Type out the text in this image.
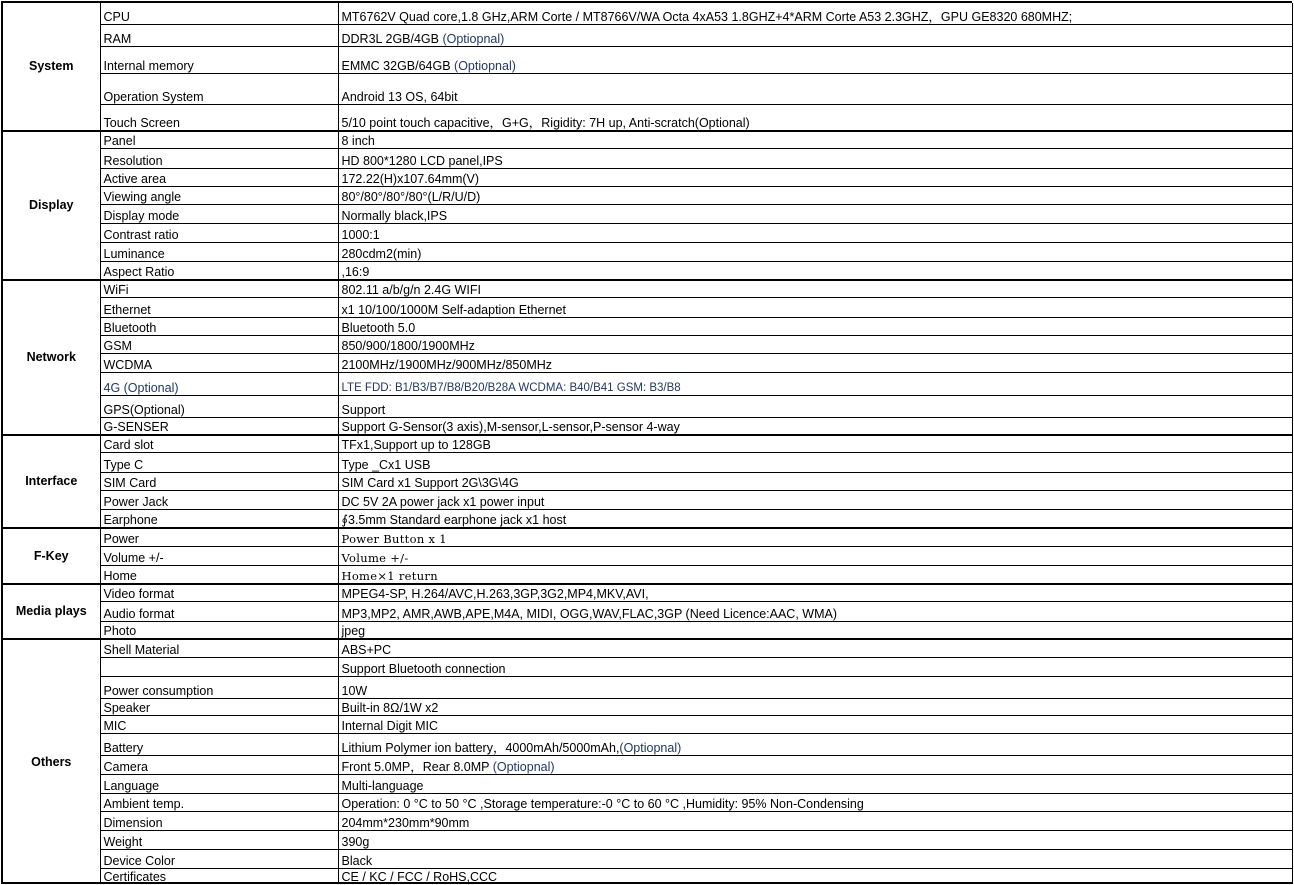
System	CPU	MT6762V Quad core,1.8 GHz,ARM Corte / MT8766V/WA Octa 4xA53 1.8GHZ+4*ARM Corte A53 2.3GHZ，GPU GE8320 680MHZ;
	RAM	DDR3L 2GB/4GB (Optiopnal)
	Internal memory	EMMC 32GB/64GB (Optiopnal)
	Operation System	Android 13 OS, 64bit
	Touch Screen	5/10 point touch capacitive，G+G，Rigidity: 7H up, Anti-scratch(Optional)
Display	Panel	8 inch
	Resolution	HD 800*1280 LCD panel,IPS
	Active area	172.22(H)x107.64mm(V)
	Viewing angle	80°/80°/80°/80°(L/R/U/D)
	Display mode	Normally black,IPS
	Contrast ratio	1000:1
	Luminance	280cdm2(min)
	Aspect Ratio	,16:9
Network	WiFi	802.11 a/b/g/n 2.4G WIFI
	Ethernet	x1 10/100/1000M Self-adaption Ethernet
	Bluetooth	Bluetooth 5.0
	GSM	850/900/1800/1900MHz
	WCDMA	2100MHz/1900MHz/900MHz/850MHz
	4G (Optional)	LTE FDD: B1/B3/B7/B8/B20/B28A WCDMA: B40/B41 GSM: B3/B8
	GPS(Optional)	Support
	G-SENSER	Support G-Sensor(3 axis),M-sensor,L-sensor,P-sensor 4-way
Interface	Card slot	TFx1,Support up to 128GB
	Type C	Type _Cx1 USB
	SIM Card	SIM Card x1 Support 2G\3G\4G
	Power Jack	DC 5V 2A power jack x1 power input
	Earphone	∮3.5mm Standard earphone jack x1 host
F-Key	Power	Power Button x 1
	Volume +/-	Volume +/-
	Home	Home×1 return
Media plays	Video format	MPEG4-SP, H.264/AVC,H.263,3GP,3G2,MP4,MKV,AVI,
	Audio format	MP3,MP2, AMR,AWB,APE,M4A, MIDI, OGG,WAV,FLAC,3GP (Need Licence:AAC, WMA)
	Photo	jpeg
Others	Shell Material	ABS+PC
		Support Bluetooth connection
	Power consumption	10W
	Speaker	Built-in 8Ω/1W x2
	MIC	Internal Digit MIC
	Battery	Lithium Polymer ion battery，4000mAh/5000mAh,(Optiopnal)
	Camera	Front 5.0MP，Rear 8.0MP (Optiopnal)
	Language	Multi-language
	Ambient temp.	Operation: 0 °C to 50 °C ,Storage temperature:-0 °C to 60 °C ,Humidity: 95% Non-Condensing
	Dimension	204mm*230mm*90mm
	Weight	390g
	Device Color	Black
	Certificates	CE / KC / FCC / RoHS,CCC
